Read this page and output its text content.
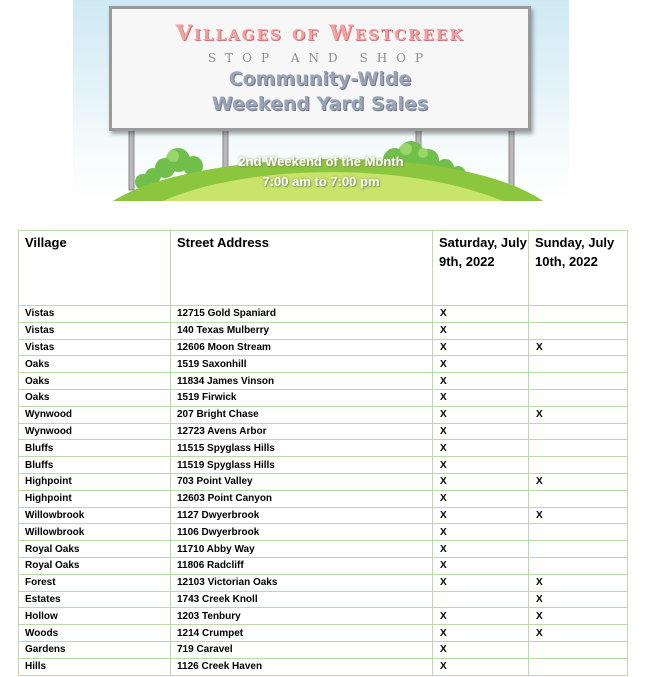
Villages of Westcreek
STOP AND SHOP
Community-Wide
Weekend Yard Sales
2nd Weekend of the Month
7:00 am to 7:00 pm
Village	Street Address	Saturday, July 9th, 2022	Sunday, July 10th, 2022
Vistas	12715 Gold Spaniard	X	
Vistas	140 Texas Mulberry	X	
Vistas	12606 Moon Stream	X	X
Oaks	1519 Saxonhill	X	
Oaks	11834 James Vinson	X	
Oaks	1519 Firwick	X	
Wynwood	207 Bright Chase	X	X
Wynwood	12723 Avens Arbor	X	
Bluffs	11515 Spyglass Hills	X	
Bluffs	11519 Spyglass Hills	X	
Highpoint	703 Point Valley	X	X
Highpoint	12603 Point Canyon	X	
Willowbrook	1127 Dwyerbrook	X	X
Willowbrook	1106 Dwyerbrook	X	
Royal Oaks	11710 Abby Way	X	
Royal Oaks	11806 Radcliff	X	
Forest	12103 Victorian Oaks	X	X
Estates	1743 Creek Knoll		X
Hollow	1203 Tenbury	X	X
Woods	1214 Crumpet	X	X
Gardens	719 Caravel	X	
Hills	1126 Creek Haven	X	
